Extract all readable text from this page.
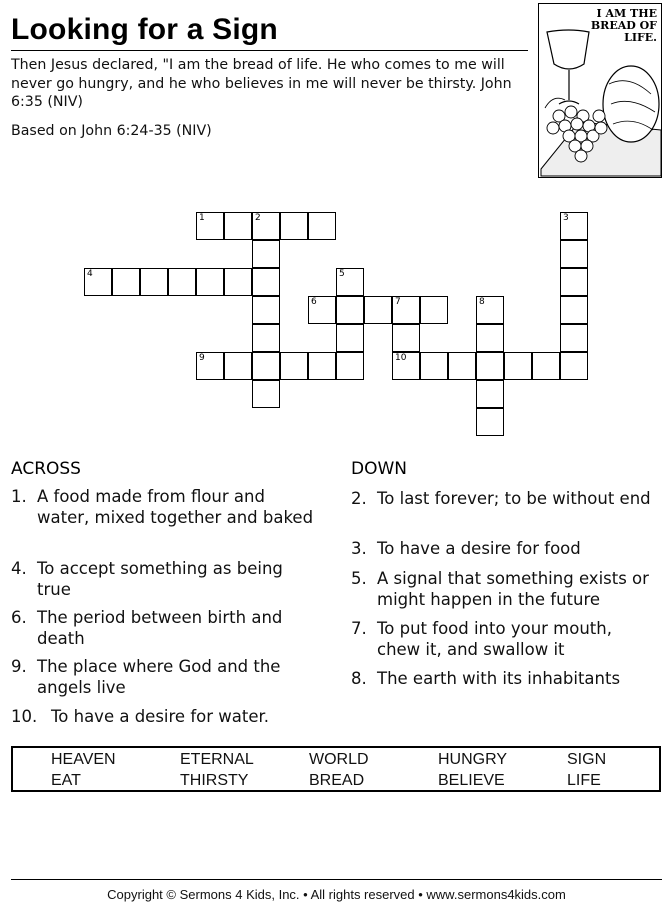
Looking for a Sign
Then Jesus declared, "I am the bread of life. He who comes to me will never go hungry, and he who believes in me will never be thirsty. John 6:35 (NIV)
Based on John 6:24-35 (NIV)
I AM THE BREAD OF LIFE.
1	2	3
4	5
6	7	8
9	10
ACROSS	DOWN
1. A food made from flour and water, mixed together and baked
4. To accept something as being true
6. The period between birth and death
9. The place where God and the angels live
10. To have a desire for water.
2. To last forever; to be without end
3. To have a desire for food
5. A signal that something exists or might happen in the future
7. To put food into your mouth, chew it, and swallow it
8. The earth with its inhabitants
HEAVEN	ETERNAL	WORLD	HUNGRY	SIGN
EAT	THIRSTY	BREAD	BELIEVE	LIFE
Copyright © Sermons 4 Kids, Inc. • All rights reserved • www.sermons4kids.com
